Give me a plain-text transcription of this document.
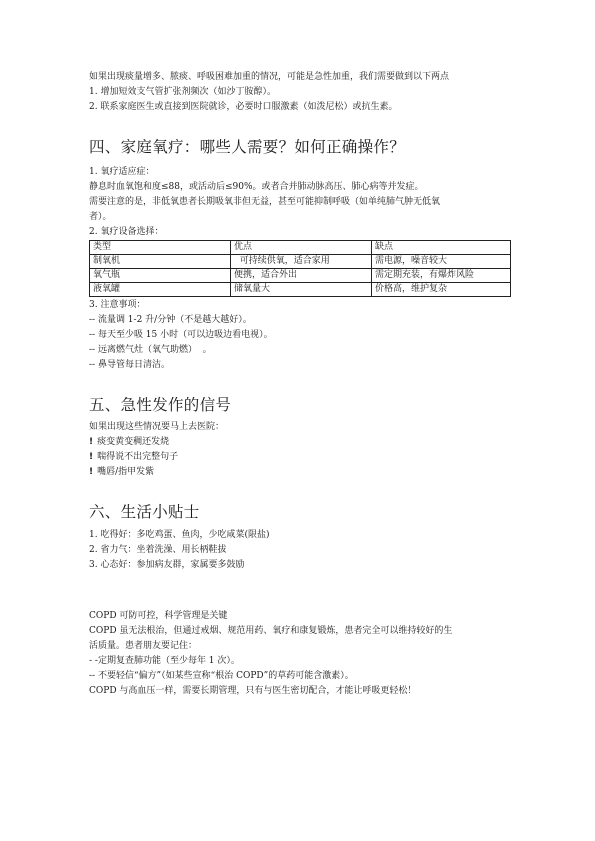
如果出现痰量增多、脓痰、呼吸困难加重的情况，可能是急性加重，我们需要做到以下两点

1. 增加短效支气管扩张剂频次（如沙丁胺醇）。

2. 联系家庭医生或直接到医院就诊，必要时口服激素（如泼尼松）或抗生素。

四、家庭氧疗：哪些人需要？如何正确操作？

1. 氧疗适应症：

静息时血氧饱和度≤88，或活动后≤90%。或者合并肺动脉高压、肺心病等并发症。

需要注意的是，非低氧患者长期吸氧非但无益，甚至可能抑制呼吸（如单纯肺气肿无低氧

者）。

2. 氧疗设备选择：

类型	优点	缺点
制氧机	可持续供氧，适合家用	需电源，噪音较大
氧气瓶	便携，适合外出	需定期充装，有爆炸风险
液氧罐	储氧量大	价格高，维护复杂

3. 注意事项：

-- 流量调 1-2 升/分钟（不是越大越好）。

-- 每天至少吸 15 小时（可以边吸边看电视）。

-- 远离燃气灶（氧气助燃）  。

-- 鼻导管每日清洁。

五、急性发作的信号

如果出现这些情况要马上去医院：

! 痰变黄变稠还发烧

! 喘得说不出完整句子

! 嘴唇/指甲发紫

六、生活小贴士

1. 吃得好：多吃鸡蛋、鱼肉，少吃咸菜(限盐)

2. 省力气：坐着洗澡、用长柄鞋拔

3. 心态好：参加病友群，家属要多鼓励

COPD 可防可控，科学管理是关键

COPD 虽无法根治，但通过戒烟、规范用药、氧疗和康复锻炼，患者完全可以维持较好的生

活质量。患者朋友要记住：

- -定期复查肺功能（至少每年 1 次）。

-- 不要轻信“偏方”（如某些宣称“根治 COPD”的草药可能含激素）。

COPD 与高血压一样，需要长期管理，只有与医生密切配合，才能让呼吸更轻松！
